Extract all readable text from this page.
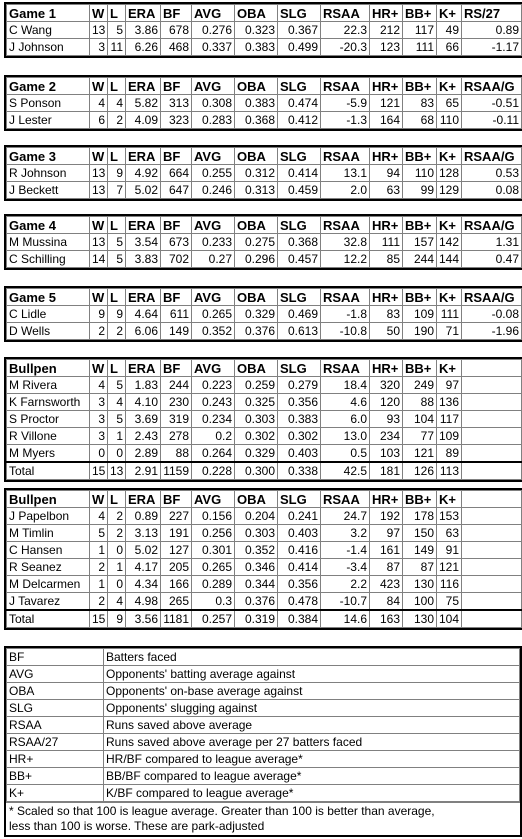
Game 1	W	L	ERA	BF	AVG	OBA	SLG	RSAA	HR+	BB+	K+	RS/27
C Wang	13	5	3.86	678	0.276	0.323	0.367	22.3	212	117	49	0.89
J Johnson	3	11	6.26	468	0.337	0.383	0.499	-20.3	123	111	66	-1.17
Game 2	W	L	ERA	BF	AVG	OBA	SLG	RSAA	HR+	BB+	K+	RSAA/G
S Ponson	4	4	5.82	313	0.308	0.383	0.474	-5.9	121	83	65	-0.51
J Lester	6	2	4.09	323	0.283	0.368	0.412	-1.3	164	68	110	-0.11
Game 3	W	L	ERA	BF	AVG	OBA	SLG	RSAA	HR+	BB+	K+	RSAA/G
R Johnson	13	9	4.92	664	0.255	0.312	0.414	13.1	94	110	128	0.53
J Beckett	13	7	5.02	647	0.246	0.313	0.459	2.0	63	99	129	0.08
Game 4	W	L	ERA	BF	AVG	OBA	SLG	RSAA	HR+	BB+	K+	RSAA/G
M Mussina	13	5	3.54	673	0.233	0.275	0.368	32.8	111	157	142	1.31
C Schilling	14	5	3.83	702	0.27	0.296	0.457	12.2	85	244	144	0.47
Game 5	W	L	ERA	BF	AVG	OBA	SLG	RSAA	HR+	BB+	K+	RSAA/G
C Lidle	9	9	4.64	611	0.265	0.329	0.469	-1.8	83	109	111	-0.08
D Wells	2	2	6.06	149	0.352	0.376	0.613	-10.8	50	190	71	-1.96
Bullpen	W	L	ERA	BF	AVG	OBA	SLG	RSAA	HR+	BB+	K+	
M Rivera	4	5	1.83	244	0.223	0.259	0.279	18.4	320	249	97	
K Farnsworth	3	4	4.10	230	0.243	0.325	0.356	4.6	120	88	136	
S Proctor	3	5	3.69	319	0.234	0.303	0.383	6.0	93	104	117	
R Villone	3	1	2.43	278	0.2	0.302	0.302	13.0	234	77	109	
M Myers	0	0	2.89	88	0.264	0.329	0.403	0.5	103	121	89	
Total	15	13	2.91	1159	0.228	0.300	0.338	42.5	181	126	113	
Bullpen	W	L	ERA	BF	AVG	OBA	SLG	RSAA	HR+	BB+	K+	
J Papelbon	4	2	0.89	227	0.156	0.204	0.241	24.7	192	178	153	
M Timlin	5	2	3.13	191	0.256	0.303	0.403	3.2	97	150	63	
C Hansen	1	0	5.02	127	0.301	0.352	0.416	-1.4	161	149	91	
R Seanez	2	1	4.17	205	0.265	0.346	0.414	-3.4	87	87	121	
M Delcarmen	1	0	4.34	166	0.289	0.344	0.356	2.2	423	130	116	
J Tavarez	2	4	4.98	265	0.3	0.376	0.478	-10.7	84	100	75	
Total	15	9	3.56	1181	0.257	0.319	0.384	14.6	163	130	104	
BF	Batters faced
AVG	Opponents' batting average against
OBA	Opponents' on-base average against
SLG	Opponents' slugging against
RSAA	Runs saved above average
RSAA/27	Runs saved above average per 27 batters faced
HR+	HR/BF compared to league average*
BB+	BB/BF compared to league average*
K+	K/BF compared to league average*
* Scaled so that 100 is league average. Greater than 100 is better than average,
less than 100 is worse. These are park-adjusted
